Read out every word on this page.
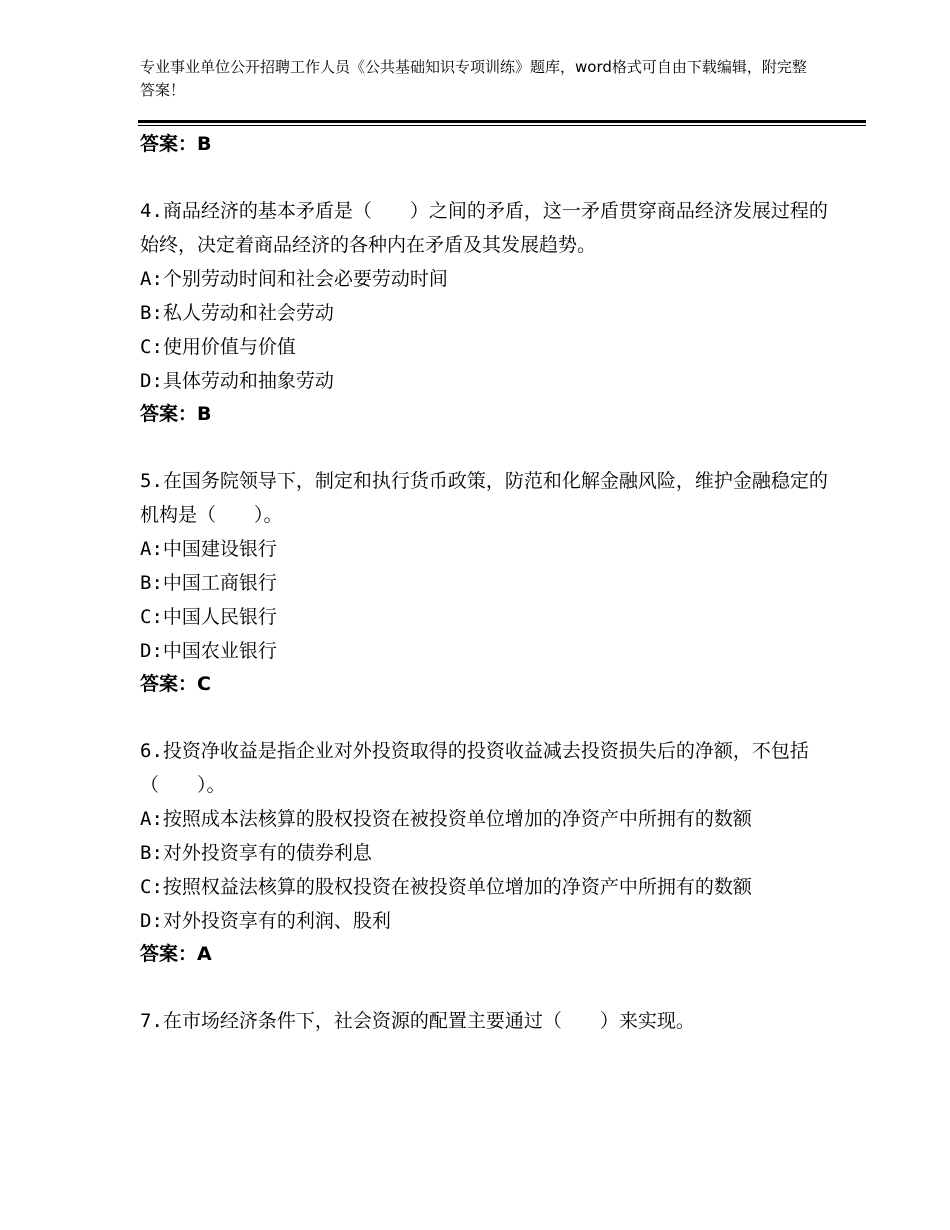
专业事业单位公开招聘工作人员《公共基础知识专项训练》题库，word格式可自由下载编辑，附完整答案！
答案：B
4.商品经济的基本矛盾是（　　）之间的矛盾，这一矛盾贯穿商品经济发展过程的始终，决定着商品经济的各种内在矛盾及其发展趋势。
A:个别劳动时间和社会必要劳动时间
B:私人劳动和社会劳动
C:使用价值与价值
D:具体劳动和抽象劳动
答案：B
5.在国务院领导下，制定和执行货币政策，防范和化解金融风险，维护金融稳定的机构是（　　）。
A:中国建设银行
B:中国工商银行
C:中国人民银行
D:中国农业银行
答案：C
6.投资净收益是指企业对外投资取得的投资收益减去投资损失后的净额，不包括（　　）。
A:按照成本法核算的股权投资在被投资单位增加的净资产中所拥有的数额
B:对外投资享有的债券利息
C:按照权益法核算的股权投资在被投资单位增加的净资产中所拥有的数额
D:对外投资享有的利润、股利
答案：A
7.在市场经济条件下，社会资源的配置主要通过（　　）来实现。
